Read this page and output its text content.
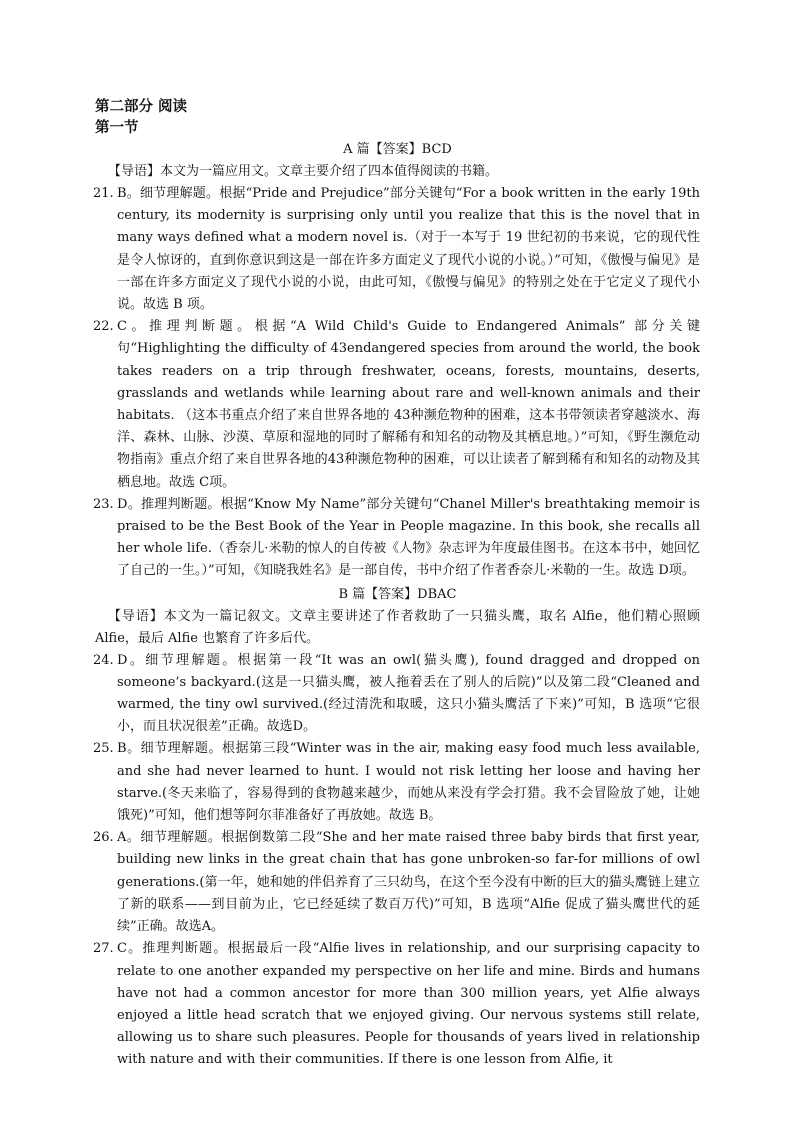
第二部分 阅读

第一节

A 篇【答案】BCD

【导语】本文为一篇应用文。文章主要介绍了四本值得阅读的书籍。

21. B。细节理解题。根据“Pride and Prejudice”部分关键句“For a book written in the early 19th century, its modernity is surprising only until you realize that this is the novel that in many ways defined what a modern novel is.（对于一本写于 19 世纪初的书来说，它的现代性是令人惊讶的，直到你意识到这是一部在许多方面定义了现代小说的小说。）”可知，《傲慢与偏见》是一部在许多方面定义了现代小说的小说，由此可知，《傲慢与偏见》的特别之处在于它定义了现代小说。故选 B 项。
22. C。推理判断题。根据“A Wild Child's Guide to Endangered Animals” 部分关键句“Highlighting the difficulty of 43endangered species from around the world, the book takes readers on a trip through freshwater, oceans, forests, mountains, deserts, grasslands and wetlands while learning about rare and well-known animals and their habitats. （这本书重点介绍了来自世界各地的 43种濒危物种的困难，这本书带领读者穿越淡水、海洋、森林、山脉、沙漠、草原和湿地的同时了解稀有和知名的动物及其栖息地。）”可知，《野生濒危动物指南》重点介绍了来自世界各地的43种濒危物种的困难，可以让读者了解到稀有和知名的动物及其栖息地。故选 C项。
23. D。推理判断题。根据“Know My Name”部分关键句“Chanel Miller's breathtaking memoir is praised to be the Best Book of the Year in People magazine. In this book, she recalls all her whole life.（香奈儿·米勒的惊人的自传被《人物》杂志评为年度最佳图书。在这本书中，她回忆了自己的一生。）”可知，《知晓我姓名》是一部自传，书中介绍了作者香奈儿·米勒的一生。故选 D项。

B 篇【答案】DBAC

【导语】本文为一篇记叙文。文章主要讲述了作者救助了一只猫头鹰，取名 Alfie，他们精心照顾 Alfie，最后 Alfie 也繁育了许多后代。

24. D。细节理解题。根据第一段“It was an owl(猫头鹰), found dragged and dropped on someone’s backyard.(这是一只猫头鹰，被人拖着丢在了别人的后院)”以及第二段“Cleaned and warmed, the tiny owl survived.(经过清洗和取暖，这只小猫头鹰活了下来)”可知，B 选项“它很小，而且状况很差”正确。故选D。
25. B。细节理解题。根据第三段“Winter was in the air, making easy food much less available, and she had never learned to hunt. I would not risk letting her loose and having her starve.(冬天来临了，容易得到的食物越来越少，而她从来没有学会打猎。我不会冒险放了她，让她饿死)”可知，他们想等阿尔菲准备好了再放她。故选 B。
26. A。细节理解题。根据倒数第二段“She and her mate raised three baby birds that first year, building new links in the great chain that has gone unbroken-so far-for millions of owl generations.(第一年，她和她的伴侣养育了三只幼鸟，在这个至今没有中断的巨大的猫头鹰链上建立了新的联系——到目前为止，它已经延续了数百万代)”可知，B 选项“Alfie 促成了猫头鹰世代的延续”正确。故选A。
27. C。推理判断题。根据最后一段“Alfie lives in relationship, and our surprising capacity to relate to one another expanded my perspective on her life and mine. Birds and humans have not had a common ancestor for more than 300 million years, yet Alfie always enjoyed a little head scratch that we enjoyed giving. Our nervous systems still relate, allowing us to share such pleasures. People for thousands of years lived in relationship with nature and with their communities. If there is one lesson from Alfie, it
